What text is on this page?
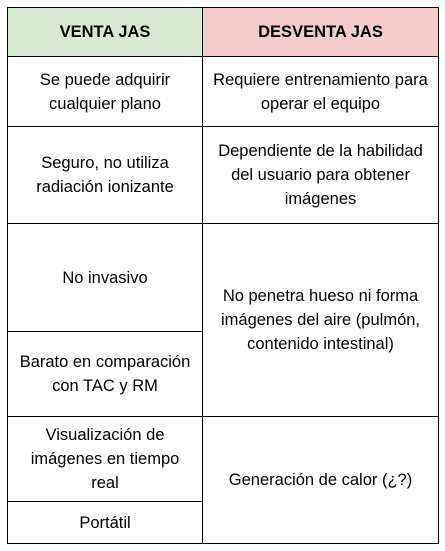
VENTA JAS	DESVENTA JAS
Se puede adquirir cualquier plano	Requiere entrenamiento para operar el equipo
Seguro, no utiliza radiación ionizante	Dependiente de la habilidad del usuario para obtener imágenes
No invasivo	No penetra hueso ni forma imágenes del aire (pulmón, contenido intestinal)
Barato en comparación con TAC y RM	
Visualización de imágenes en tiempo real	Generación de calor (¿?)
Portátil	
